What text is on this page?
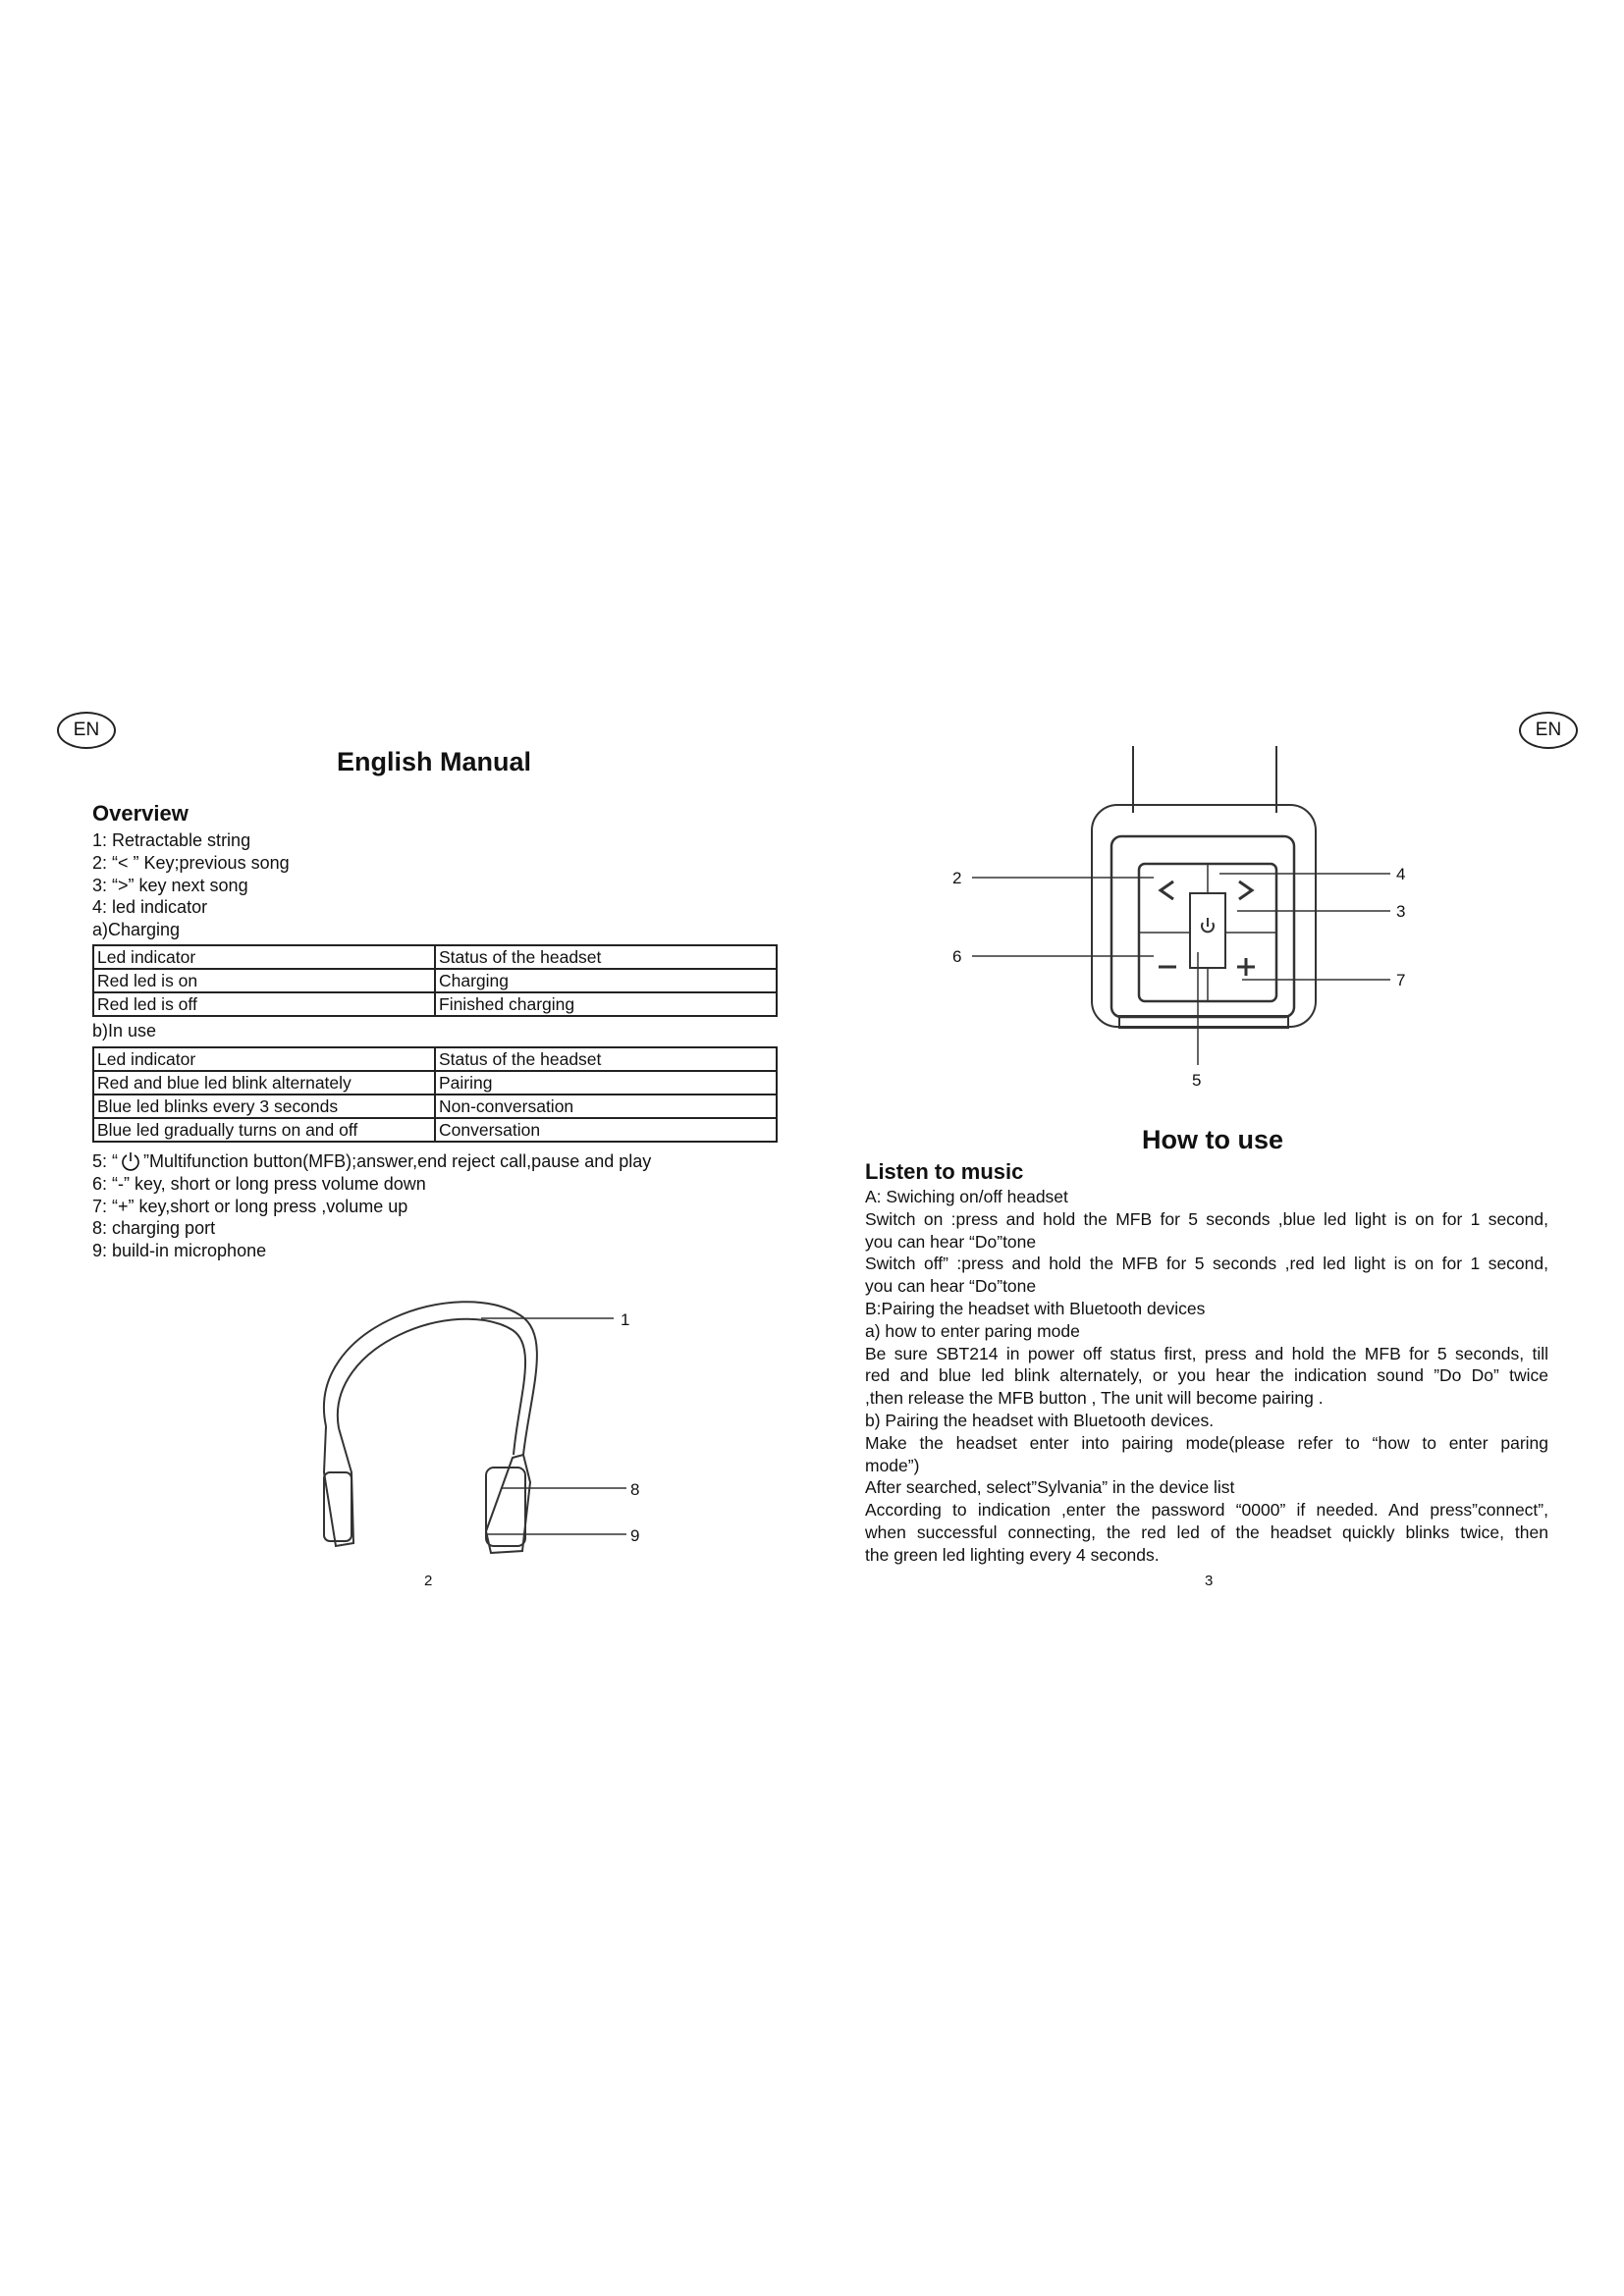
EN	EN
English Manual
Overview
1: Retractable string
2: “< ” Key;previous song
3: “>” key next song
4: led indicator
a)Charging
Led indicator	Status of the headset
Red led is on	Charging
Red led is off	Finished charging
b)In use
Led indicator	Status of the headset
Red and blue led blink alternately	Pairing
Blue led blinks every 3 seconds	Non-conversation
Blue led gradually turns on and off	Conversation
5: “ ”Multifunction button(MFB);answer,end reject call,pause and play
6: “-” key, short or long press volume down
7: “+” key,short or long press ,volume up
8: charging port
9: build-in microphone
1
8
9
2
2	4
3
6
7
5
How to use
Listen to music
A: Swiching on/off headset
Switch on :press and hold the MFB for 5 seconds ,blue led light is on for 1 second,
you can hear “Do”tone
Switch off” :press and hold the MFB for 5 seconds ,red led light is on for 1 second,
you can hear “Do”tone
B:Pairing the headset with Bluetooth devices
a) how to enter paring mode
Be sure SBT214 in power off status first, press and hold the MFB for 5 seconds, till
red and blue led blink alternately, or you hear the indication sound ”Do Do” twice
,then release the MFB button , The unit will become pairing .
b) Pairing the headset with Bluetooth devices.
Make the headset enter into pairing mode(please refer to “how to enter paring
mode”)
After searched, select”Sylvania” in the device list
According to indication ,enter the password “0000” if needed. And press”connect”,
when successful connecting, the red led of the headset quickly blinks twice, then
the green led lighting every 4 seconds.
3
